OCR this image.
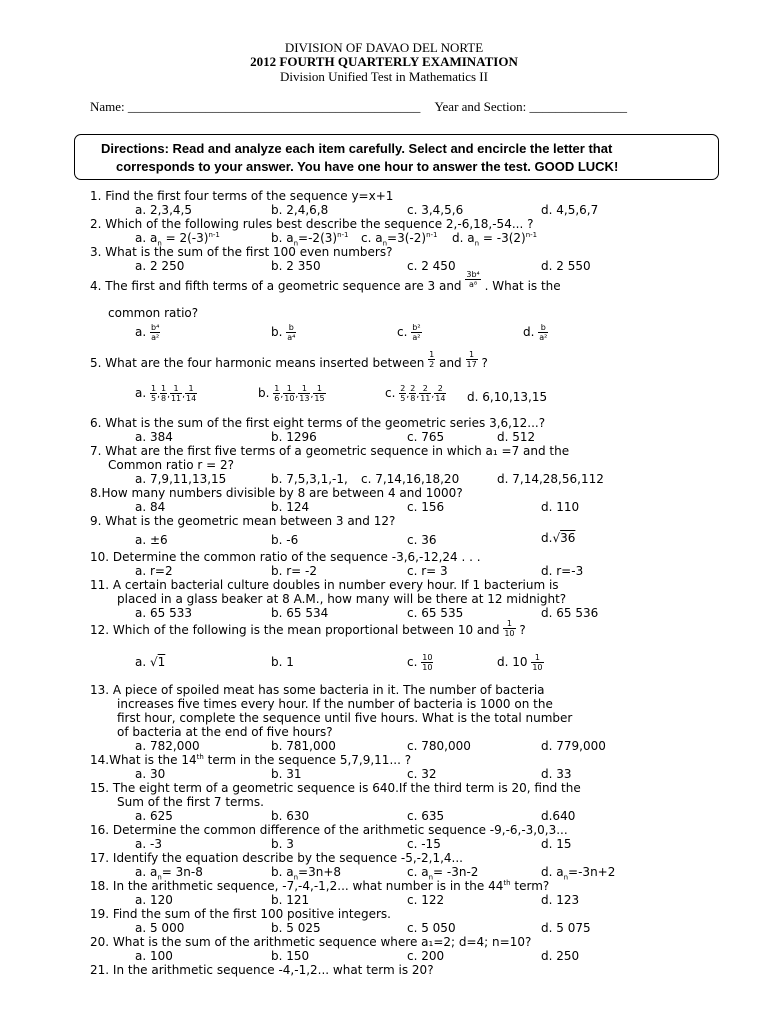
DIVISION OF DAVAO DEL NORTE
2012 FOURTH QUARTERLY EXAMINATION
Division Unified Test in Mathematics II
Name: _____________________________________________ Year and Section: _______________
Directions: Read and analyze each item carefully. Select and encircle the letter that
corresponds to your answer. You have one hour to answer the test. GOOD LUCK!
1. Find the first four terms of the sequence y=x+1
a. 2,3,4,5	b. 2,4,6,8	c. 3,4,5,6	d. 4,5,6,7
2. Which of the following rules best describe the sequence 2,-6,18,-54... ?
a. $a_n = 2(-3)^{n-1}$	b. $a_n=-2(3)^{n-1}$ c. $a_n=3(-2)^{n-1}$ d. $a_n = -3(2)^{n-1}$
3. What is the sum of the first 100 even numbers?
a. 2 250	b. 2 350	c. 2 450	d. 2 550
4. The first and fifth terms of a geometric sequence are 3 and $\frac{\text{3b⁴}}{\text{a⁸}}$ . What is the
common ratio?
a. $\frac{\text{b⁴}}{\text{a²}}$	b. $\frac{b}{\text{a⁴}}$	c. $\frac{\text{b²}}{\text{a²}}$	d. $\frac{b}{\text{a²}}$
5. What are the four harmonic means inserted between $\frac{1}{2}$ and $\frac{1}{17}$ ?
a. $\frac{1}{5}$ , $\frac{1}{8}$ , $\frac{1}{11}$ , $\frac{1}{14}$	b. $\frac{1}{6}$ , $\frac{1}{10}$ , $\frac{1}{13}$ , $\frac{1}{15}$	c. $\frac{2}{5}$ , $\frac{2}{8}$ , $\frac{2}{11}$ , $\frac{2}{14} d$. 6,10,13,15
6. What is the sum of the first eight terms of the geometric series 3,6,12...?
a. 384	b. 1296	c. 765	d. 512
7. What are the first five terms of a geometric sequence in which a₁ =7 and the
Common ratio r = 2?
a. 7,9,11,13,15	b. 7,5,3,1,-1, c. 7,14,16,18,20	d. 7,14,28,56,112
8.How many numbers divisible by 8 are between 4 and 1000?
a. 84	b. 124	c. 156	d. 110
9. What is the geometric mean between 3 and 12?
a. ±6	b. -6	c. 36	d.√36
10. Determine the common ratio of the sequence -3,6,-12,24 . . .
a. r=2	b. r= -2	c. r= 3	d. r=-3
11. A certain bacterial culture doubles in number every hour. If 1 bacterium is
placed in a glass beaker at 8 A.M., how many will be there at 12 midnight?
a. 65 533	b. 65 534	c. 65 535	d. 65 536
12. Which of the following is the mean proportional between 10 and $\frac{1}{10}$ ?
a. √1	b. 1	c. $\frac{10}{10}$	d. $10 \frac{1}{10}$
13. A piece of spoiled meat has some bacteria in it. The number of bacteria
increases five times every hour. If the number of bacteria is 1000 on the
first hour, complete the sequence until five hours. What is the total number
of bacteria at the end of five hours?
a. 782,000	b. 781,000	c. 780,000	d. 779,000
14.What is the 14th term in the sequence 5,7,9,11... ?
a. 30	b. 31	c. 32	d. 33
15. The eight term of a geometric sequence is 640.If the third term is 20, find the
Sum of the first 7 terms.
a. 625	b. 630	c. 635	d.640
16. Determine the common difference of the arithmetic sequence -9,-6,-3,0,3...
a. -3	b. 3	c. -15	d. 15
17. Identify the equation describe by the sequence -5,-2,1,4...
a. $a_n= 3n-8$	b. $a_n=3n+8$	c. $a_n= -3n-2$	d. $a_n=-3n+2$
18. In the arithmetic sequence, -7,-4,-1,2... what number is in the 44th term?
a. 120	b. 121	c. 122	d. 123
19. Find the sum of the first 100 positive integers.
a. 5 000	b. 5 025	c. 5 050	d. 5 075
20. What is the sum of the arithmetic sequence where a₁=2; d=4; n=10?
a. 100	b. 150	c. 200	d. 250
21. In the arithmetic sequence -4,-1,2... what term is 20?
